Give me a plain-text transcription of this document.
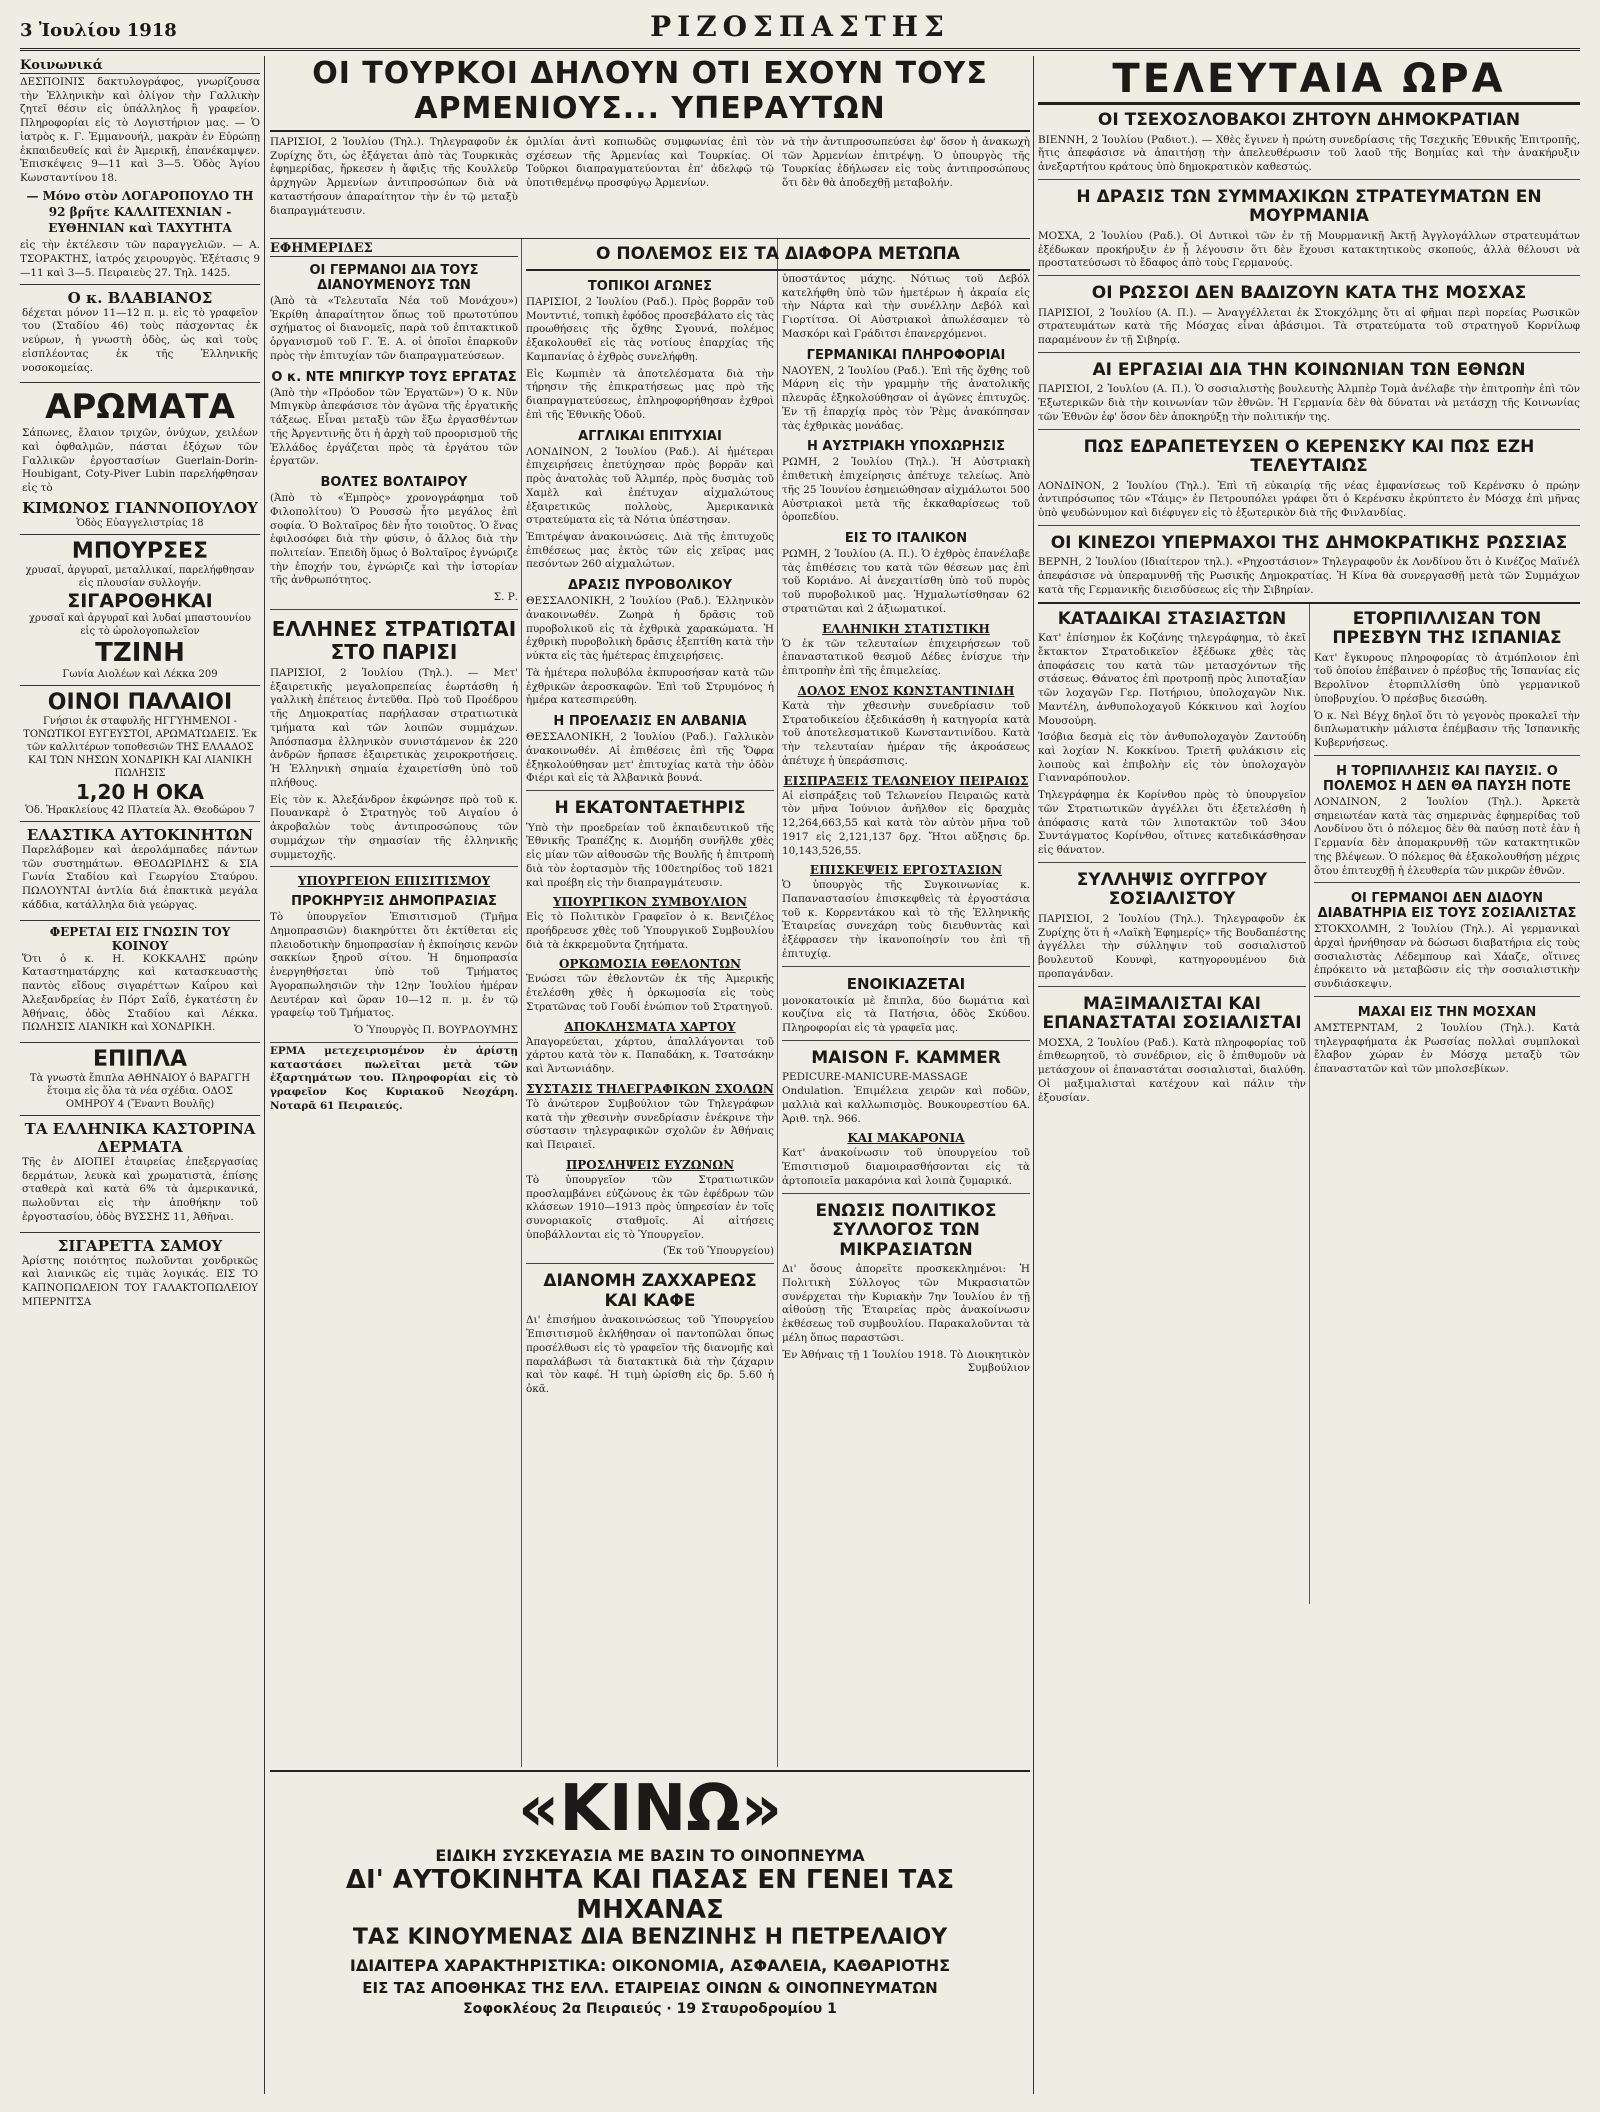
3 Ἰουλίου 1918	ΡΙΖΟΣΠΑΣΤΗΣ
Κοινωνικά

ΔΕΣΠΟΙΝΙΣ δακτυλογράφος, γνωρίζουσα τὴν Ἑλληνικὴν καὶ ὀλίγον τὴν Γαλλικὴν ζητεῖ θέσιν εἰς ὑπάλληλος ἢ γραφείον. Πληροφορίαι εἰς τὸ Λογιστήριον μας. — Ὁ ἰατρὸς κ. Γ. Ἐμμανουήλ, μακρὰν ἐν Εὐρώπῃ ἐκπαιδευθείς καὶ ἐν Ἀμερικῇ, ἐπανέκαμψεν. Ἐπισκέψεις 9—11 καὶ 3—5. Ὁδὸς Ἁγίου Κωνσταντίνου 18.

— Μόνο στὸν ΛΟΓΑΡΟΠΟΥΛΟ ΤΗ 92 βρῆτε ΚΑΛΛΙΤΕΧΝΙΑΝ - ΕΥΘΗΝΙΑΝ καὶ ΤΑΧΥΤΗΤΑ

εἰς τὴν ἐκτέλεσιν τῶν παραγγελιῶν. — Α. ΤΣΟΡΑΚΤΗΣ, ἰατρός χειρουργὸς. Ἐξέτασις 9—11 καὶ 3—5. Πειραιεὺς 27. Τηλ. 1425.

Ο κ. ΒΛΑΒΙΑΝΟΣ

δέχεται μόνον 11—12 π. μ. εἰς τὸ γραφεῖον του (Σταδίου 46) τοὺς πάσχοντας ἐκ νεύρων, ἡ γνωστὴ ὁδὸς, ὡς καὶ τοὺς εἰσπλέοντας ἐκ τῆς Ἐλληνικῆς νοσοκομείας.

ΑΡΩΜΑΤΑ

Σάπωνες, ἔλαιον τριχῶν, ὀνύχων, χειλέων καὶ ὀφθαλμῶν, πάσται ἐξόχων τῶν Γαλλικῶν ἐργοστασίων Guerlain-Dorin-Houbigant, Coty-Piver Lubin παρελήφθησαν εἰς τὸ

ΚΙΜΩΝΟΣ ΓΙΑΝΝΟΠΟΥΛΟΥ
Ὁδὸς Εὐαγγελιστρίας 18
ΜΠΟΥΡΣΕΣ
χρυσαῖ, ἀργυραῖ, μεταλλικαί, παρελήφθησαν εἰς πλουσίαν συλλογήν.
ΣΙΓΑΡΟΘΗΚΑΙ
χρυσαῖ καὶ ἀργυραῖ καὶ λυδαί μπαστουνίου εἰς τὸ ὡρολογοπωλεῖον
ΤΖΙΝΗ
Γωνία Αιολέων καὶ Λέκκα 209
ΟΙΝΟΙ ΠΑΛΑΙΟΙ
Γνήσιοι ἐκ σταφυλῆς ΗΓΓΥΗΜΕΝΟΙ - ΤΟΝΩΤΙΚΟΙ ΕΥΓΕΥΣΤΟΙ, ΑΡΩΜΑΤΩΔΕΙΣ. Ἐκ τῶν καλλιτέρων τοποθεσιῶν ΤΗΣ ΕΛΛΑΔΟΣ ΚΑΙ ΤΩΝ ΝΗΣΩΝ ΧΟΝΔΡΙΚΗ ΚΑΙ ΛΙΑΝΙΚΗ ΠΩΛΗΣΙΣ
1,20 Η ΟΚΑ
Ὁδ. Ἡρακλείους 42 Πλατεία Ἀλ. Θεοδώρου 7
ΕΛΑΣΤΙΚΑ ΑΥΤΟΚΙΝΗΤΩΝ

Παρελάβομεν καὶ ἀερολάμπαδες πάντων τῶν συστημάτων. ΘΕΟΔΩΡΙΔΗΣ & ΣΙΑ Γωνία Σταδίου καὶ Γεωργίου Σταύρου. ΠΩΛΟΥΝΤΑΙ ἀντλία διά ἐπακτικὰ μεγάλα κάδδια, κατάλληλα διὰ γεώργας.

ΦΕΡΕΤΑΙ ΕΙΣ ΓΝΩΣΙΝ ΤΟΥ ΚΟΙΝΟΥ

Ὅτι ὁ κ. Η. ΚΟΚΚΑΛΗΣ πρώην Καταστηματάρχης καὶ κατασκευαστὴς παντὸς εἴδους σιγαρέττων Καΐρου καὶ Ἀλεξανδρείας ἐν Πόρτ Σαΐδ, ἐγκατέστη ἐν Ἀθήναις, ὁδὸς Σταδίου καὶ Λέκκα. ΠΩΛΗΣΙΣ ΛΙΑΝΙΚΗ καὶ ΧΟΝΔΡΙΚΗ.

ΕΠΙΠΛΑ
Τὰ γνωστὰ ἔπιπλα ΑΘΗΝΑΙΟΥ ὁ ΒΑΡΑΓΓΗ ἕτοιμα εἰς ὅλα τὰ νέα σχέδια. ΟΔΟΣ ΟΜΗΡΟΥ 4 (Ἔναντι Βουλῆς)
ΤΑ ΕΛΛΗΝΙΚΑ ΚΑΣΤΟΡΙΝΑ ΔΕΡΜΑΤΑ

Τῆς ἐν ΔΙΟΠΕΙ ἑταιρείας ἐπεξεργασίας δερμάτων, λευκὰ καὶ χρωματιστὰ, ἐπίσης σταθερὰ καὶ κατὰ 6% τὰ ἀμερικανικά, πωλοῦνται εἰς τὴν ἀποθήκην τοῦ ἐργοστασίου, ὁδὸς ΒΥΣΣΗΣ 11, Ἀθῆναι.

ΣΙΓΑΡΕΤΤΑ ΣΑΜΟΥ

Ἀρίστης ποιότητος πωλοῦνται χονδρικῶς καὶ λιανικῶς εἰς τιμὰς λογικάς. ΕΙΣ ΤΟ ΚΑΠΝΟΠΩΛΕΙΟΝ ΤΟΥ ΓΑΛΑΚΤΟΠΩΛΕΙΟΥ ΜΠΕΡΝΙΤΣΑ

ΟΙ ΤΟΥΡΚΟΙ ΔΗΛΟΥΝ ΟΤΙ ΕΧΟΥΝ ΤΟΥΣ ΑΡΜΕΝΙΟΥΣ... ΥΠΕΡΑΥΤΩΝ

ΠΑΡΙΣΙΟΙ, 2 Ἰουλίου (Τηλ.). Τηλεγραφοῦν ἐκ Ζυρίχης ὅτι, ὡς ἐξάγεται ἀπὸ τὰς Τουρκικὰς ἐφημερίδας, ἤρκεσεν ἡ ἄφιξις τῆς Κουλλεῦρ ἀρχηγῶν Ἀρμενίων ἀντιπροσώπων διὰ νὰ καταστήσουν ἀπαραίτητον τὴν ἐν τῷ μεταξὺ διαπραγμάτευσιν.

ὁμιλίαι ἀντὶ κοπιωδῶς συμφωνίας ἐπὶ τὸν σχέσεων τῆς Ἀρμενίας καὶ Τουρκίας. Οἱ Τοῦρκοι διαπραγματεύονται ἐπ' ἀδελφῷ τῷ ὑποτιθεμένῳ προσφύγῳ Ἀρμενίων.

νὰ τὴν ἀντιπροσωπεύσει ἐφ' ὅσον ἡ ἀνακωχὴ τῶν Ἀρμενίων ἐπιτρέψῃ. Ὁ ὑπουργὸς τῆς Τουρκίας ἐδήλωσεν εἰς τοὺς ἀντιπροσώπους ὅτι δὲν θὰ ἀποδεχθῇ μεταβολήν.

ΕΦΗΜΕΡΙΔΕΣ
ΟΙ ΓΕΡΜΑΝΟΙ ΔΙΑ ΤΟΥΣ ΔΙΑΝΟΥΜΕΝΟΥΣ ΤΩΝ

(Ἀπὸ τὰ «Τελευταῖα Νέα τοῦ Μονάχου») Ἐκρίθη ἀπαραίτητον ὅπως τοῦ πρωτοτύπου σχήματος οἱ διανομεῖς, παρὰ τοῦ ἐπιτακτικοῦ ὀργανισμοῦ τοῦ Γ. Ἐ. Α. οἱ ὁποῖοι ἐπαρκοῦν πρὸς τὴν ἐπιτυχίαν τῶν διαπραγματεύσεων.

Ο κ. ΝΤΕ ΜΠΙΓΚΥΡ ΤΟΥΣ ΕΡΓΑΤΑΣ

(Ἀπὸ τὴν «Πρόοδον τῶν Ἐργατῶν») Ὁ κ. Νῦν Μπιγκὺρ ἀπεφάσισε τὸν ἀγῶνα τῆς ἐργατικῆς τάξεως. Εἶναι μεταξὺ τῶν ἔξω ἐργασθέντων τῆς Ἀργεντινῆς ὅτι ἡ ἀρχὴ τοῦ προορισμοῦ τῆς Ἑλλάδος ἐργάζεται πρὸς τὰ ἐργάτου τῶν ἐργατῶν.

ΒΟΛΤΕΣ ΒΟΛΤΑΙΡΟΥ

(Ἀπὸ τὸ «Ἐμπρὸς» χρονογράφημα τοῦ Φιλοπολίτου) Ὁ Ρουσσὼ ἦτο μεγάλος ἐπὶ σοφία. Ὁ Βολταῖρος δὲν ἦτο τοιοῦτος. Ὁ ἕνας ἐφιλοσόφει διὰ τὴν φύσιν, ὁ ἄλλος διὰ τὴν πολιτείαν. Ἐπειδὴ ὅμως ὁ Βολταῖρος ἐγνώριζε τὴν ἐποχήν του, ἐγνώριζε καὶ τὴν ἱστορίαν τῆς ἀνθρωπότητος.

Σ. Ρ.

ΕΛΛΗΝΕΣ ΣΤΡΑΤΙΩΤΑΙ ΣΤΟ ΠΑΡΙΣΙ

ΠΑΡΙΣΙΟΙ, 2 Ἰουλίου (Τηλ.). — Μετ' ἐξαιρετικῆς μεγαλοπρεπείας ἑωρτάσθη ἡ γαλλικὴ ἐπέτειος ἐντεῦθα. Πρὸ τοῦ Προέδρου τῆς Δημοκρατίας παρήλασαν στρατιωτικὰ τμήματα καὶ τῶν λοιπῶν συμμάχων. Ἀπόσπασμα ἑλληνικὸν συνιστάμενον ἐκ 220 ἀνδρῶν ἤρπασε ἐξαιρετικὰς χειροκροτήσεις. Ἡ Ἑλληνικὴ σημαία ἐχαιρετίσθη ὑπὸ τοῦ πλήθους.

Εἰς τὸν κ. Ἀλεξάνδρον ἐκφώνησε πρὸ τοῦ κ. Πουανκαρὲ ὁ Στρατηγὸς τοῦ Αιγαίου ὁ ἀκροβαλὼν τοὺς ἀντιπροσώπους τῶν συμμάχων τὴν σημασίαν τῆς ἑλληνικῆς συμμετοχῆς.

ΥΠΟΥΡΓΕΙΟΝ ΕΠΙΣΙΤΙΣΜΟΥ
ΠΡΟΚΗΡΥΞΙΣ ΔΗΜΟΠΡΑΣΙΑΣ

Τὸ ὑπουργεῖον Ἐπισιτισμοῦ (Τμῆμα Δημοπρασιῶν) διακηρύττει ὅτι ἐκτίθεται εἰς πλειοδοτικὴν δημοπρασίαν ἡ ἐκποίησις κενῶν σακκίων ξηροῦ σίτου. Ἡ δημοπρασία ἐνεργηθήσεται ὑπὸ τοῦ Τμήματος Ἀγοραπωλησιῶν τὴν 12ην Ἰουλίου ἡμέραν Δευτέραν καὶ ὥραν 10—12 π. μ. ἐν τῷ γραφείῳ τοῦ Τμήματος.

Ὁ Ὑπουργὸς Π. ΒΟΥΡΔΟΥΜΗΣ

ΕΡΜΑ μετεχειρισμένον ἐν ἀρίστῃ καταστάσει πωλεῖται μετὰ τῶν ἐξαρτημάτων του. Πληροφορίαι εἰς τὸ γραφεῖον Κος Κυριακοῦ Νεοχάρη. Νοταρᾶ 61 Πειραιεύς.

Ο ΠΟΛΕΜΟΣ ΕΙΣ ΤΑ ΔΙΑΦΟΡΑ ΜΕΤΩΠΑ
ΤΟΠΙΚΟΙ ΑΓΩΝΕΣ

ΠΑΡΙΣΙΟΙ, 2 Ἰουλίου (Ραδ.). Πρὸς βορρᾶν τοῦ Μοντντιέ, τοπικὴ ἐφόδος προσεβάλατο εἰς τὰς προωθήσεις τῆς ὄχθης Σγουνά, πολέμος ἐξακολουθεῖ εἰς τὰς νοτίους ἐπαρχίας τῆς Καμπανίας ὁ ἐχθρὸς συνελήφθη.

Εἰς Κωμπιὲν τὰ ἀποτελέσματα διὰ τὴν τήρησιν τῆς ἐπικρατήσεως μας πρὸ τῆς διαπραγματεύσεως, ἐπληροφορήθησαν ἐχθροὶ ἐπὶ τῆς Ἐθνικῆς Ὁδοῦ.

ΑΓΓΛΙΚΑΙ ΕΠΙΤΥΧΙΑΙ

ΛΟΝΔΙΝΟΝ, 2 Ἰουλίου (Ραδ.). Αἱ ἡμέτεραι ἐπιχειρήσεις ἐπετύχησαν πρὸς βορρᾶν καὶ πρὸς ἀνατολὰς τοῦ Ἀλμπέρ, πρὸς δυσμὰς τοῦ Χαμὲλ καὶ ἐπέτυχαν αἰχμαλώτους ἐξαιρετικῶς πολλοὺς, Ἀμερικανικὰ στρατεύματα εἰς τὰ Νότια ὑπέστησαν.

Ἐπιτρέψαν ἀνακοινώσεις. Διὰ τῆς ἐπιτυχοῦς ἐπιθέσεως μας ἐκτὸς τῶν εἰς χεῖρας μας πεσόντων 260 αἰχμαλώτων.

ΔΡΑΣΙΣ ΠΥΡΟΒΟΛΙΚΟΥ

ΘΕΣΣΑΛΟΝΙΚΗ, 2 Ἰουλίου (Ραδ.). Ἐλληνικὸν ἀνακοινωθέν. Ζωηρὰ ἡ δρᾶσις τοῦ πυροβολικοῦ εἰς τὰ ἐχθρικὰ χαρακώματα. Ἡ ἐχθρικὴ πυροβολικὴ δρᾶσις ἐξεπτίθη κατὰ τὴν νύκτα εἰς τὰς ἡμέτερας ἐπιχειρήσεις.

Τὰ ἡμέτερα πολυβόλα ἐκπυροσήσαν κατὰ τῶν ἐχθρικῶν ἀεροσκαφῶν. Ἐπὶ τοῦ Στρυμόνος ἡ ἡμέρα κατεσπιρεύθη.

Η ΠΡΟΕΛΑΣΙΣ ΕΝ ΑΛΒΑΝΙΑ

ΘΕΣΣΑΛΟΝΙΚΗ, 2 Ἰουλίου (Ραδ.). Γαλλικὸν ἀνακοινωθέν. Αἱ ἐπιθέσεις ἐπὶ τῆς Ὅφρα ἐξηκολούθησαν μετ' ἐπιτυχίας κατὰ τὴν ὁδὸν Φιέρι καὶ εἰς τὰ Ἀλβανικὰ βουνά.

Η ΕΚΑΤΟΝΤΑΕΤΗΡΙΣ

Ὑπὸ τὴν προεδρείαν τοῦ ἐκπαιδευτικοῦ τῆς Ἐθνικῆς Τραπέζης κ. Διομήδη συνῆλθε χθὲς εἰς μίαν τῶν αἰθουσῶν τῆς Βουλῆς ἡ ἐπιτροπὴ διὰ τὸν ἑορτασμὸν τῆς 100ετηρίδος τοῦ 1821 καὶ προέβη εἰς τὴν διαπραγμάτευσιν.

ΥΠΟΥΡΓΙΚΟΝ ΣΥΜΒΟΥΛΙΟΝ

Εἰς τὸ Πολιτικὸν Γραφεῖον ὁ κ. Βενιζέλος προήδρευσε χθὲς τοῦ Ὑπουργικοῦ Συμβουλίου διὰ τὰ ἐκκρεμοῦντα ζητήματα.

ΟΡΚΩΜΟΣΙΑ ΕΘΕΛΟΝΤΩΝ

Ἑνώσει τῶν ἐθελοντῶν ἐκ τῆς Ἀμερικῆς ἐτελέσθη χθὲς ἡ ὁρκωμοσία εἰς τοὺς Στρατῶνας τοῦ Γουδί ἐνώπιον τοῦ Στρατηγοῦ.

ΑΠΟΚΛΗΣΜΑΤΑ ΧΑΡΤΟΥ

Ἀπαγορεύεται, χάρτου, ἀπαλλάγονται τοῦ χάρτου κατὰ τὸν κ. Παπαδάκη, κ. Τσατσάκην καὶ Ἀντωνιάδην.

ΣΥΣΤΑΣΙΣ ΤΗΛΕΓΡΑΦΙΚΩΝ ΣΧΟΛΩΝ

Τὸ ἀνώτερον Συμβούλιον τῶν Τηλεγράφων κατὰ τὴν χθεσινὴν συνεδρίασιν ἐνέκρινε τὴν σύστασιν τηλεγραφικῶν σχολῶν ἐν Ἀθήναις καὶ Πειραιεῖ.

ΠΡΟΣΛΗΨΕΙΣ ΕΥΖΩΝΩΝ

Τὸ ὑπουργεῖον τῶν Στρατιωτικῶν προσλαμβάνει εὐζώνους ἐκ τῶν ἐφέδρων τῶν κλάσεων 1910—1913 πρὸς ὑπηρεσίαν ἐν τοῖς συνοριακοῖς σταθμοῖς. Αἱ αἰτήσεις ὑποβάλλονται εἰς τὸ Ὑπουργεῖον.

(Ἐκ τοῦ Ὑπουργείου)

ΔΙΑΝΟΜΗ ΖΑΧΧΑΡΕΩΣ ΚΑΙ ΚΑΦΕ

Δι' ἐπισήμου ἀνακοινώσεως τοῦ Ὑπουργείου Ἐπισιτισμοῦ ἐκλήθησαν οἱ παντοπῶλαι ὅπως προσέλθωσι εἰς τὸ γραφεῖον τῆς διανομῆς καὶ παραλάβωσι τὰ διατακτικὰ διὰ τὴν ζάχαριν καὶ τὸν καφέ. Ἡ τιμὴ ὡρίσθη εἰς δρ. 5.60 ἡ ὀκᾶ.

ὑποστάντος μάχης. Νότιως τοῦ Δεβόλ κατελήφθη ὑπὸ τῶν ἡμετέρων ἡ ἀκραία εἰς τὴν Νάρτα καὶ τὴν συνέλλην Δεβόλ καὶ Γιορτίτσα. Οἱ Αὐστριακοὶ ἀπωλέσαμεν τὸ Μασκόρι καὶ Γράδιτσι ἐπανερχόμενοι.

ΓΕΡΜΑΝΙΚΑΙ ΠΛΗΡΟΦΟΡΙΑΙ

ΝΑΟΥΕΝ, 2 Ἰουλίου (Ραδ.). Ἐπὶ τῆς ὄχθης τοῦ Μάρνη εἰς τὴν γραμμὴν τῆς ἀνατολικῆς πλευρᾶς ἐξηκολούθησαν οἱ ἀγῶνες ἐπιτυχῶς. Ἐν τῇ ἐπαρχίᾳ πρὸς τὸν Ῥὲμς ἀνακόπησαν τὰς ἐχθρικὰς μονάδας.

Η ΑΥΣΤΡΙΑΚΗ ΥΠΟΧΩΡΗΣΙΣ

ΡΩΜΗ, 2 Ἰουλίου (Τηλ.). Ἡ Αὐστριακὴ ἐπιθετικὴ ἐπιχείρησις ἀπέτυχε τελείως. Ἀπὸ τῆς 25 Ἰουνίου ἐσημειώθησαν αἰχμάλωτοι 500 Αὐστριακοὶ μετὰ τῆς ἐκκαθαρίσεως τοῦ ὀροπεδίου.

ΕΙΣ ΤΟ ΙΤΑΛΙΚΟΝ

ΡΩΜΗ, 2 Ἰουλίου (Α. Π.). Ὁ ἐχθρὸς ἐπανέλαβε τὰς ἐπιθέσεις του κατὰ τῶν θέσεων μας ἐπὶ τοῦ Κοριάνο. Αἱ ἀνεχαιτίσθη ὑπὸ τοῦ πυρὸς τοῦ πυροβολικοῦ μας. Ἠχμαλωτίσθησαν 62 στρατιῶται καὶ 2 ἀξιωματικοί.

ΕΛΛΗΝΙΚΗ ΣΤΑΤΙΣΤΙΚΗ

Ὁ ἐκ τῶν τελευταίων ἐπιχειρήσεων τοῦ ἐπαναστατικοῦ θεσμοῦ Δέδες ἐνίσχυε τὴν ἐπιτροπὴν ἐπὶ τῆς ἐπιμελείας.

ΔΟΛΟΣ ΕΝΟΣ ΚΩΝΣΤΑΝΤΙΝΙΔΗ

Κατὰ τὴν χθεσινὴν συνεδρίασιν τοῦ Στρατοδικείου ἐξεδικάσθη ἡ κατηγορία κατὰ τοῦ ἀποτελεσματικοῦ Κωνσταντινίδου. Κατὰ τὴν τελευταίαν ἡμέραν τῆς ἀκροάσεως ἀπέτυχε ἡ ὑπεράσπισις.

ΕΙΣΠΡΑΞΕΙΣ ΤΕΛΩΝΕΙΟΥ ΠΕΙΡΑΙΩΣ

Αἱ εἰσπράξεις τοῦ Τελωνείου Πειραιῶς κατὰ τὸν μῆνα Ἰούνιον ἀνῆλθον εἰς δραχμὰς 12,264,663,55 καὶ κατὰ τὸν αὐτὸν μῆνα τοῦ 1917 εἰς 2,121,137 δρχ. Ἤτοι αὔξησις δρ. 10,143,526,55.

ΕΠΙΣΚΕΨΕΙΣ ΕΡΓΟΣΤΑΣΙΩΝ

Ὁ ὑπουργὸς τῆς Συγκοινωνίας κ. Παπαναστασίου ἐπισκεφθεὶς τὰ ἐργοστάσια τοῦ κ. Κορρεντάκου καὶ τὸ τῆς Ἑλληνικῆς Ἑταιρείας συνεχάρη τοὺς διευθυντὰς καὶ ἐξέφρασεν τὴν ἱκανοποίησίν του ἐπὶ τῇ ἐπιτυχίᾳ.

ΕΝΟΙΚΙΑΖΕΤΑΙ

μονοκατοικία μὲ ἔπιπλα, δύο δωμάτια καὶ κουζίνα εἰς τὰ Πατήσια, ὁδὸς Σκύδου. Πληροφορίαι εἰς τὰ γραφεῖα μας.

MAISON F. KAMMER

PEDICURE-MANICURE-MASSAGE Ondulation. Ἐπιμέλεια χειρῶν καὶ ποδῶν, μαλλιὰ καὶ καλλωπισμὸς. Βουκουρεστίου 6Α. Ἀριθ. τηλ. 966.

ΚΑΙ ΜΑΚΑΡΟΝΙΑ

Κατ' ἀνακοίνωσιν τοῦ ὑπουργείου τοῦ Ἐπισιτισμοῦ διαμοιρασθήσονται εἰς τὰ ἀρτοποιεῖα μακαρόνια καὶ λοιπὰ ζυμαρικά.

ΕΝΩΣΙΣ ΠΟΛΙΤΙΚΟΣ ΣΥΛΛΟΓΟΣ ΤΩΝ ΜΙΚΡΑΣΙΑΤΩΝ

Δι' ὅσους ἀπορεῖτε προσκεκλημένοι: Ἡ Πολιτικὴ Σύλλογος τῶν Μικρασιατῶν συνέρχεται τὴν Κυριακὴν 7ην Ἰουλίου ἐν τῇ αἰθούσῃ τῆς Ἑταιρείας πρὸς ἀνακοίνωσιν ἐκθέσεως τοῦ συμβουλίου. Παρακαλοῦνται τὰ μέλη ὅπως παραστῶσι.

Ἐν Ἀθήναις τῇ 1 Ἰουλίου 1918. Τὸ Διοικητικὸν Συμβούλιον

«ΚΙΝΩ»
ΕΙΔΙΚΗ ΣΥΣΚΕΥΑΣΙΑ ΜΕ ΒΑΣΙΝ ΤΟ ΟΙΝΟΠΝΕΥΜΑ
ΔΙ' ΑΥΤΟΚΙΝΗΤΑ ΚΑΙ ΠΑΣΑΣ ΕΝ ΓΕΝΕΙ ΤΑΣ ΜΗΧΑΝΑΣ
ΤΑΣ ΚΙΝΟΥΜΕΝΑΣ ΔΙΑ ΒΕΝΖΙΝΗΣ Η ΠΕΤΡΕΛΑΙΟΥ
ΙΔΙΑΙΤΕΡΑ ΧΑΡΑΚΤΗΡΙΣΤΙΚΑ: ΟΙΚΟΝΟΜΙΑ, ΑΣΦΑΛΕΙΑ, ΚΑΘΑΡΙΟΤΗΣ
ΕΙΣ ΤΑΣ ΑΠΟΘΗΚΑΣ ΤΗΣ ΕΛΛ. ΕΤΑΙΡΕΙΑΣ ΟΙΝΩΝ & ΟΙΝΟΠΝΕΥΜΑΤΩΝ
Σοφοκλέους 2α Πειραιεύς · 19 Σταυροδρομίου 1
ΤΕΛΕΥΤΑΙΑ ΩΡΑ
ΟΙ ΤΣΕΧΟΣΛΟΒΑΚΟΙ ΖΗΤΟΥΝ ΔΗΜΟΚΡΑΤΙΑΝ

ΒΙΕΝΝΗ, 2 Ἰουλίου (Ραδιοτ.). — Χθὲς ἔγινεν ἡ πρώτη συνεδρίασις τῆς Τσεχικῆς Ἐθνικῆς Ἐπιτροπῆς, ἥτις ἀπεφάσισε νὰ ἀπαιτήσῃ τὴν ἀπελευθέρωσιν τοῦ λαοῦ τῆς Βοημίας καὶ τὴν ἀνακήρυξιν ἀνεξαρτήτου κράτους ὑπὸ δημοκρατικὸν καθεστώς.

Η ΔΡΑΣΙΣ ΤΩΝ ΣΥΜΜΑΧΙΚΩΝ ΣΤΡΑΤΕΥΜΑΤΩΝ ΕΝ ΜΟΥΡΜΑΝΙΑ

ΜΟΣΧΑ, 2 Ἰουλίου (Ραδ.). Οἱ Δυτικοὶ τῶν ἐν τῇ Μουρμανικῇ Ἀκτῇ Ἀγγλογάλλων στρατευμάτων ἐξέδωκαν προκήρυξιν ἐν ᾗ λέγουσιν ὅτι δὲν ἔχουσι κατακτητικοὺς σκοπούς, ἀλλὰ θέλουσι νὰ προστατεύσωσι τὸ ἔδαφος ἀπὸ τοὺς Γερμανούς.

ΟΙ ΡΩΣΣΟΙ ΔΕΝ ΒΑΔΙΖΟΥΝ ΚΑΤΑ ΤΗΣ ΜΟΣΧΑΣ

ΠΑΡΙΣΙΟΙ, 2 Ἰουλίου (Α. Π.). — Ἀναγγέλλεται ἐκ Στοκχόλμης ὅτι αἱ φῆμαι περὶ πορείας Ρωσικῶν στρατευμάτων κατὰ τῆς Μόσχας εἶναι ἀβάσιμοι. Τὰ στρατεύματα τοῦ στρατηγοῦ Κορνίλωφ παραμένουν ἐν τῇ Σιβηρίᾳ.

ΑΙ ΕΡΓΑΣΙΑΙ ΔΙΑ ΤΗΝ ΚΟΙΝΩΝΙΑΝ ΤΩΝ ΕΘΝΩΝ

ΠΑΡΙΣΙΟΙ, 2 Ἰουλίου (Α. Π.). Ὁ σοσιαλιστὴς βουλευτὴς Ἀλμπὲρ Τομὰ ἀνέλαβε τὴν ἐπιτροπὴν ἐπὶ τῶν Ἐξωτερικῶν διὰ τὴν κοινωνίαν τῶν ἐθνῶν. Ἡ Γερμανία δὲν θὰ δύναται νὰ μετάσχῃ τῆς Κοινωνίας τῶν Ἐθνῶν ἐφ' ὅσον δὲν ἀποκηρύξῃ τὴν πολιτικήν της.

ΠΩΣ ΕΔΡΑΠΕΤΕΥΣΕΝ Ο ΚΕΡΕΝΣΚΥ ΚΑΙ ΠΩΣ ΕΖΗ ΤΕΛΕΥΤΑΙΩΣ

ΛΟΝΔΙΝΟΝ, 2 Ἰουλίου (Τηλ.). Ἐπὶ τῆ εὐκαιρίᾳ τῆς νέας ἐμφανίσεως τοῦ Κερένσκυ ὁ πρώην ἀντιπρόσωπος τῶν «Τάιμς» ἐν Πετρουπόλει γράφει ὅτι ὁ Κερένσκυ ἐκρύπτετο ἐν Μόσχᾳ ἐπὶ μῆνας ὑπὸ ψευδώνυμον καὶ διέφυγεν εἰς τὸ ἐξωτερικὸν διὰ τῆς Φινλανδίας.

ΟΙ ΚΙΝΕΖΟΙ ΥΠΕΡΜΑΧΟΙ ΤΗΣ ΔΗΜΟΚΡΑΤΙΚΗΣ ΡΩΣΣΙΑΣ

ΒΕΡΝΗ, 2 Ἰουλίου (Ιδιαίτερον τηλ.). «Ρηχοστάσιον» Τηλεγραφοῦν ἐκ Λονδίνου ὅτι ὁ Κινέζος Μαϊνέλ ἀπεφάσισε νὰ ὑπεραμυνθῇ τῆς Ρωσικῆς Δημοκρατίας. Ἡ Κίνα θὰ συνεργασθῇ μετὰ τῶν Συμμάχων κατὰ τῆς Γερμανικῆς διεισδύσεως εἰς τὴν Σιβηρίαν.

ΚΑΤΑΔΙΚΑΙ ΣΤΑΣΙΑΣΤΩΝ

Κατ' ἐπίσημον ἐκ Κοζάνης τηλεγράφημα, τὸ ἐκεῖ ἔκτακτον Στρατοδικεῖον ἐξέδωκε χθὲς τὰς ἀποφάσεις του κατὰ τῶν μετασχόντων τῆς στάσεως. Θάνατος ἐπὶ προτροπῇ πρὸς λιποταξίαν τῶν λοχαγῶν Γερ. Ποτήριου, ὑπολοχαγῶν Νικ. Μαντέλη, ἀνθυπολοχαγοῦ Κόκκινου καὶ λοχίου Μουσούρη.

Ἰσόβια δεσμὰ εἰς τὸν ἀνθυπολοχαγὸν Ζαντούδη καὶ λοχίαν Ν. Κοκκίνου. Τριετῆ φυλάκισιν εἰς λοιποὺς καὶ ἐπιβολὴν εἰς τὸν ὑπολοχαγὸν Γιανναρόπουλον.

Τηλεγράφημα ἐκ Κορίνθου πρὸς τὸ ὑπουργεῖον τῶν Στρατιωτικῶν ἀγγέλλει ὅτι ἐξετελέσθη ἡ ἀπόφασις κατὰ τῶν λιποτακτῶν τοῦ 34ου Συντάγματος Κορίνθου, οἵτινες κατεδικάσθησαν εἰς θάνατον.

ΣΥΛΛΗΨΙΣ ΟΥΓΓΡΟΥ ΣΟΣΙΑΛΙΣΤΟΥ

ΠΑΡΙΣΙΟΙ, 2 Ἰουλίου (Τηλ.). Τηλεγραφοῦν ἐκ Ζυρίχης ὅτι ἡ «Λαϊκὴ Ἐφημερίς» τῆς Βουδαπέστης ἀγγέλλει τὴν σύλληψιν τοῦ σοσιαλιστοῦ βουλευτοῦ Κουνφὶ, κατηγορουμένου διὰ προπαγάνδαν.

ΜΑΞΙΜΑΛΙΣΤΑΙ ΚΑΙ ΕΠΑΝΑΣΤΑΤΑΙ ΣΟΣΙΑΛΙΣΤΑΙ

ΜΟΣΧΑ, 2 Ἰουλίου (Ραδ.). Κατὰ πληροφορίας τοῦ ἐπιθεωρητοῦ, τὸ συνέδριον, εἰς ὃ ἐπιθυμοῦν νὰ μετάσχουν οἱ ἐπαναστάται σοσιαλισταὶ, διαλύθη. Οἱ μαξιμαλισταὶ κατέχουν καὶ πάλιν τὴν ἐξουσίαν.

ΕΤΟΡΠΙΛΛΙΣΑΝ ΤΟΝ ΠΡΕΣΒΥΝ ΤΗΣ ΙΣΠΑΝΙΑΣ

Κατ' ἔγκυρους πληροφορίας τὸ ἀτμόπλοιον ἐπὶ τοῦ ὁποίου ἐπέβαινεν ὁ πρέσβυς τῆς Ἰσπανίας εἰς Βερολῖνον ἐτορπιλλίσθη ὑπὸ γερμανικοῦ ὑποβρυχίου. Ὁ πρέσβυς διεσώθη.

Ὁ κ. Νεὶ Βέγχ δηλοῖ ὅτι τὸ γεγονὸς προκαλεῖ τὴν διπλωματικὴν μάλιστα ἐπέμβασιν τῆς Ἰσπανικῆς Κυβερνήσεως.

Η ΤΟΡΠΙΛΛΗΣΙΣ ΚΑΙ ΠΑΥΣΙΣ. Ο ΠΟΛΕΜΟΣ Η ΔΕΝ ΘΑ ΠΑΥΣΗ ΠΟΤΕ

ΛΟΝΔΙΝΟΝ, 2 Ἰουλίου (Τηλ.). Ἀρκετὰ σημειωτέαν κατὰ τὰς σημερινὰς ἐφημερίδας τοῦ Λονδίνου ὅτι ὁ πόλεμος δὲν θὰ παύσῃ ποτὲ ἐὰν ἡ Γερμανία δὲν ἀπομακρυνθῇ τῶν κατακτητικῶν της βλέψεων. Ὁ πόλεμος θὰ ἐξακολουθήσῃ μέχρις ὅτου ἐπιτευχθῇ ἡ ἐλευθερία τῶν μικρῶν ἐθνῶν.

ΟΙ ΓΕΡΜΑΝΟΙ ΔΕΝ ΔΙΔΟΥΝ ΔΙΑΒΑΤΗΡΙΑ ΕΙΣ ΤΟΥΣ ΣΟΣΙΑΛΙΣΤΑΣ

ΣΤΟΚΧΟΛΜΗ, 2 Ἰουλίου (Τηλ.). Αἱ γερμανικαὶ ἀρχαὶ ἠρνήθησαν νὰ δώσωσι διαβατήρια εἰς τοὺς σοσιαλιστὰς Λέδεμπουρ καὶ Χάαζε, οἵτινες ἐπρόκειτο νὰ μεταβῶσιν εἰς τὴν σοσιαλιστικὴν συνδιάσκεψιν.

ΜΑΧΑΙ ΕΙΣ ΤΗΝ ΜΟΣΧΑΝ

ΑΜΣΤΕΡΝΤΑΜ, 2 Ἰουλίου (Τηλ.). Κατὰ τηλεγραφήματα ἐκ Ρωσσίας πολλαὶ συμπλοκαὶ ἔλαβον χώραν ἐν Μόσχᾳ μεταξὺ τῶν ἐπαναστατῶν καὶ τῶν μπολσεβίκων.
